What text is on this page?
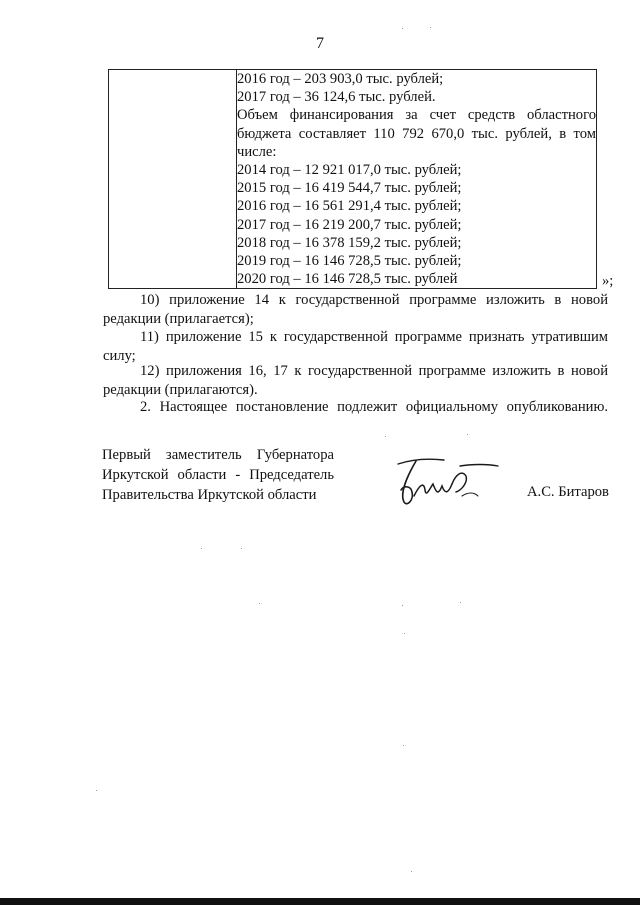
7

2016 год – 203 903,0 тыс. рублей;
2017 год – 36 124,6 тыс. рублей.
Объем финансирования за счет средств областного
бюджета составляет 110 792 670,0 тыс. рублей, в том
числе:
2014 год – 12 921 017,0 тыс. рублей;
2015 год – 16 419 544,7 тыс. рублей;
2016 год – 16 561 291,4 тыс. рублей;
2017 год – 16 219 200,7 тыс. рублей;
2018 год – 16 378 159,2 тыс. рублей;
2019 год – 16 146 728,5 тыс. рублей;
2020 год – 16 146 728,5 тыс. рублей	»;
10) приложение 14 к государственной программе изложить в новой
редакции (прилагается);
11) приложение 15 к государственной программе признать утратившим
силу;
12) приложения 16, 17 к государственной программе изложить в новой
редакции (прилагаются).
2. Настоящее постановление подлежит официальному опубликованию.
Первый заместитель Губернатора
Иркутской области - Председатель
Правительства Иркутской области	А.С. Битаров
